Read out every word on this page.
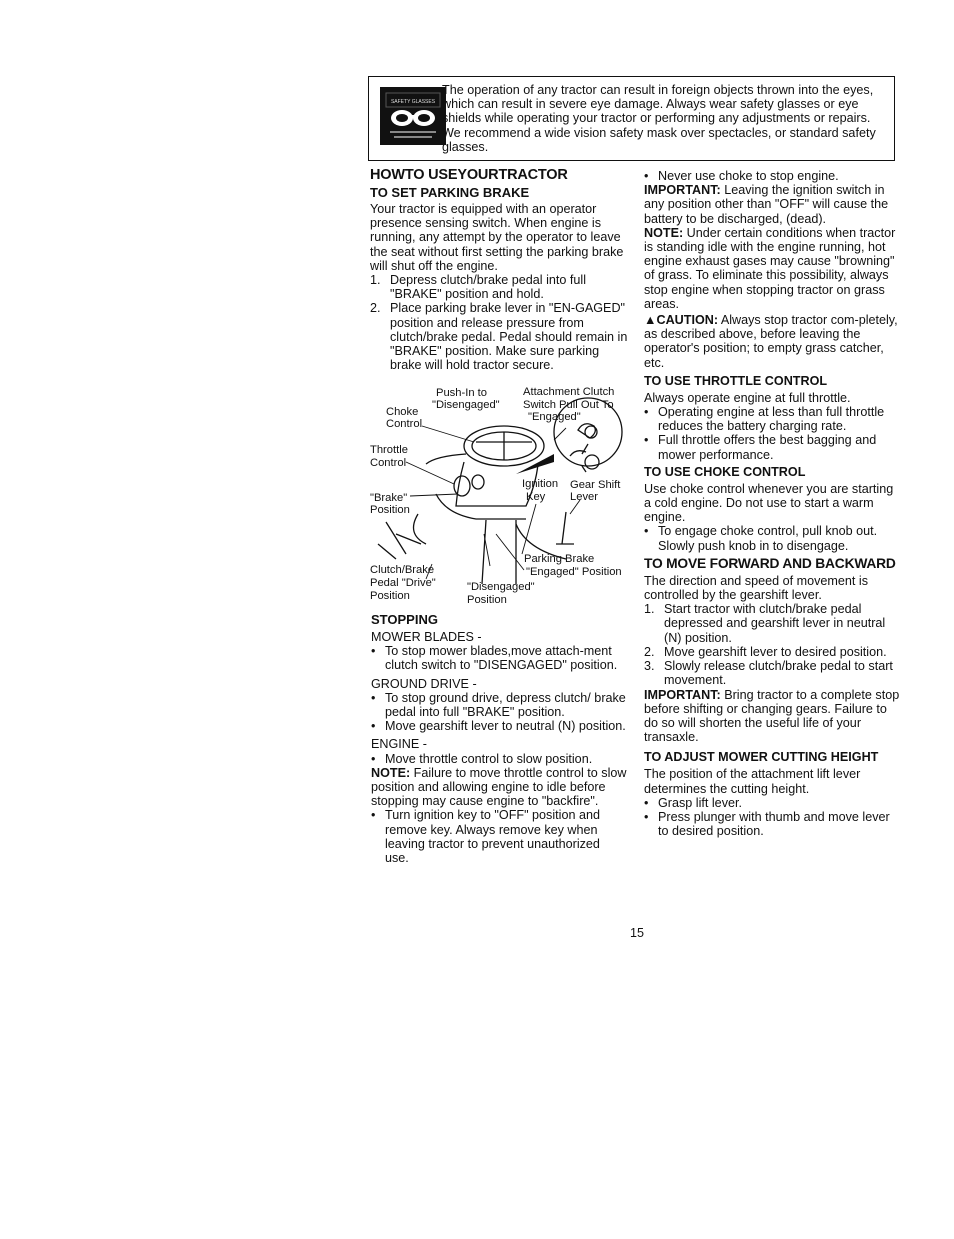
SAFETY GLASSES
The operation of any tractor can result in foreign objects thrown into the eyes, which can result in severe eye damage. Always wear safety glasses or eye shields while operating your tractor or performing any adjustments or repairs. We recommend a wide vision safety mask over spectacles, or standard safety glasses.
HOWTO USEYOURTRACTOR
TO SET PARKING BRAKE

Your tractor is equipped with an operator presence sensing switch. When engine is running, any attempt by the operator to leave the seat without first setting the parking brake will shut off the engine.

1. Depress clutch/brake pedal into full "BRAKE" position and hold.
2. Place parking brake lever in "EN-GAGED" position and release pressure from clutch/brake pedal. Pedal should remain in "BRAKE" position. Make sure parking brake will hold tractor secure.
Push-In to
"Disengaged"
Attachment Clutch
Switch Pull Out To
"Engaged"
Choke
Control
Throttle
Control
Ignition
Key
Gear Shift
Lever
"Brake"
Position
Parking Brake
"Engaged" Position
Clutch/Brake
Pedal "Drive"
Position
"Disengaged"
Position
STOPPING

MOWER BLADES -

• To stop mower blades,move attach-ment clutch switch to "DISENGAGED" position.

GROUND DRIVE -

• To stop ground drive, depress clutch/ brake pedal into full "BRAKE" position.
• Move gearshift lever to neutral (N) position.

ENGINE -

• Move throttle control to slow position.

NOTE: Failure to move throttle control to slow position and allowing engine to idle before stopping may cause engine to "backfire".

• Turn ignition key to "OFF" position and remove key. Always remove key when leaving tractor to prevent unauthorized use.
• Never use choke to stop engine.

IMPORTANT: Leaving the ignition switch in any position other than "OFF" will cause the battery to be discharged, (dead).

NOTE: Under certain conditions when tractor is standing idle with the engine running, hot engine exhaust gases may cause "browning" of grass. To eliminate this possibility, always stop engine when stopping tractor on grass areas.

▲CAUTION: Always stop tractor com-pletely, as described above, before leaving the operator's position; to empty grass catcher, etc.

TO USE THROTTLE CONTROL

Always operate engine at full throttle.

• Operating engine at less than full throttle reduces the battery charging rate.
• Full throttle offers the best bagging and mower performance.
TO USE CHOKE CONTROL

Use choke control whenever you are starting a cold engine. Do not use to start a warm engine.

• To engage choke control, pull knob out. Slowly push knob in to disengage.
TO MOVE FORWARD AND BACKWARD

The direction and speed of movement is controlled by the gearshift lever.

1. Start tractor with clutch/brake pedal depressed and gearshift lever in neutral (N) position.
2. Move gearshift lever to desired position.
3. Slowly release clutch/brake pedal to start movement.

IMPORTANT: Bring tractor to a complete stop before shifting or changing gears. Failure to do so will shorten the useful life of your transaxle.

TO ADJUST MOWER CUTTING HEIGHT

The position of the attachment lift lever determines the cutting height.

• Grasp lift lever.
• Press plunger with thumb and move lever to desired position.
15
